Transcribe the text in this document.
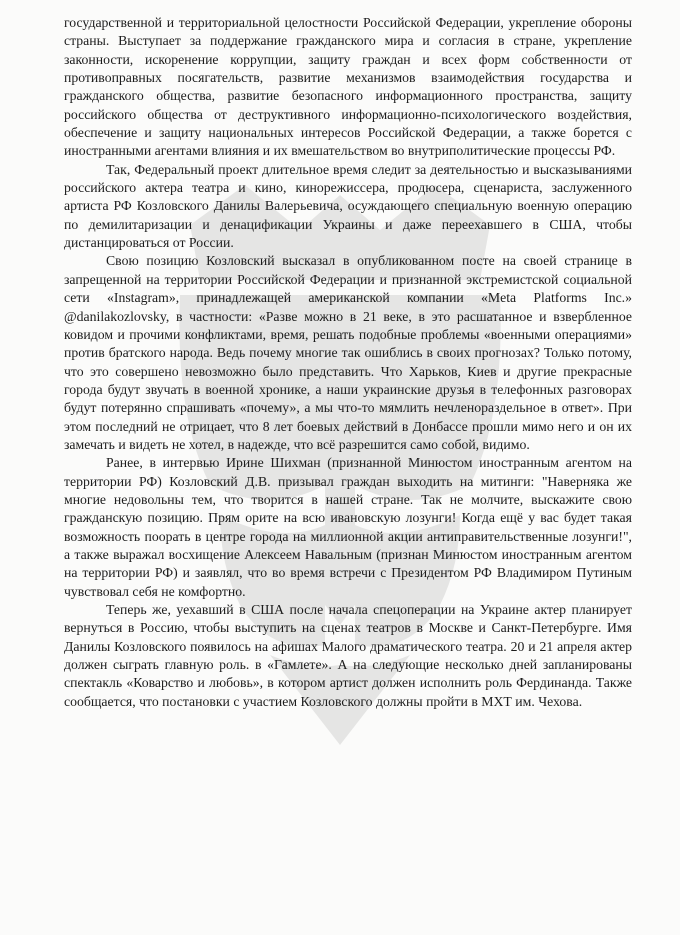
государственной и территориальной целостности Российской Федерации, укрепление обороны страны. Выступает за поддержание гражданского мира и согласия в стране, укрепление законности, искоренение коррупции, защиту граждан и всех форм собственности от противоправных посягательств, развитие механизмов взаимодействия государства и гражданского общества, развитие безопасного информационного пространства, защиту российского общества от деструктивного информационно-психологического воздействия, обеспечение и защиту национальных интересов Российской Федерации, а также борется с иностранными агентами влияния и их вмешательством во внутриполитические процессы РФ.

Так, Федеральный проект длительное время следит за деятельностью и высказываниями российского актера театра и кино, кинорежиссера, продюсера, сценариста, заслуженного артиста РФ Козловского Данилы Валерьевича, осуждающего специальную военную операцию по демилитаризации и денацификации Украины и даже переехавшего в США, чтобы дистанцироваться от России.

Свою позицию Козловский высказал в опубликованном посте на своей странице в запрещенной на территории Российской Федерации и признанной экстремистской социальной сети «Instagram», принадлежащей американской компании «Meta Platforms Inc.» @danilakozlovsky, в частности: «Разве можно в 21 веке, в это расшатанное и взвербленное ковидом и прочими конфликтами, время, решать подобные проблемы «военными операциями» против братского народа. Ведь почему многие так ошиблись в своих прогнозах? Только потому, что это совершено невозможно было представить. Что Харьков, Киев и другие прекрасные города будут звучать в военной хронике, а наши украинские друзья в телефонных разговорах будут потерянно спрашивать «почему», а мы что-то мямлить нечленораздельное в ответ». При этом последний не отрицает, что 8 лет боевых действий в Донбассе прошли мимо него и он их замечать и видеть не хотел, в надежде, что всё разрешится само собой, видимо.

Ранее, в интервью Ирине Шихман (признанной Минюстом иностранным агентом на территории РФ) Козловский Д.В. призывал граждан выходить на митинги: "Наверняка же многие недовольны тем, что творится в нашей стране. Так не молчите, выскажите свою гражданскую позицию. Прям орите на всю ивановскую лозунги! Когда ещё у вас будет такая возможность поорать в центре города на миллионной акции антиправительственные лозунги!", а также выражал восхищение Алексеем Навальным (признан Минюстом иностранным агентом на территории РФ) и заявлял, что во время встречи с Президентом РФ Владимиром Путиным чувствовал себя не комфортно.

Теперь же, уехавший в США после начала спецоперации на Украине актер планирует вернуться в Россию, чтобы выступить на сценах театров в Москве и Санкт-Петербурге. Имя Данилы Козловского появилось на афишах Малого драматического театра. 20 и 21 апреля актер должен сыграть главную роль. в «Гамлете». А на следующие несколько дней запланированы спектакль «Коварство и любовь», в котором артист должен исполнить роль Фердинанда. Также сообщается, что постановки с участием Козловского должны пройти в МХТ им. Чехова.
